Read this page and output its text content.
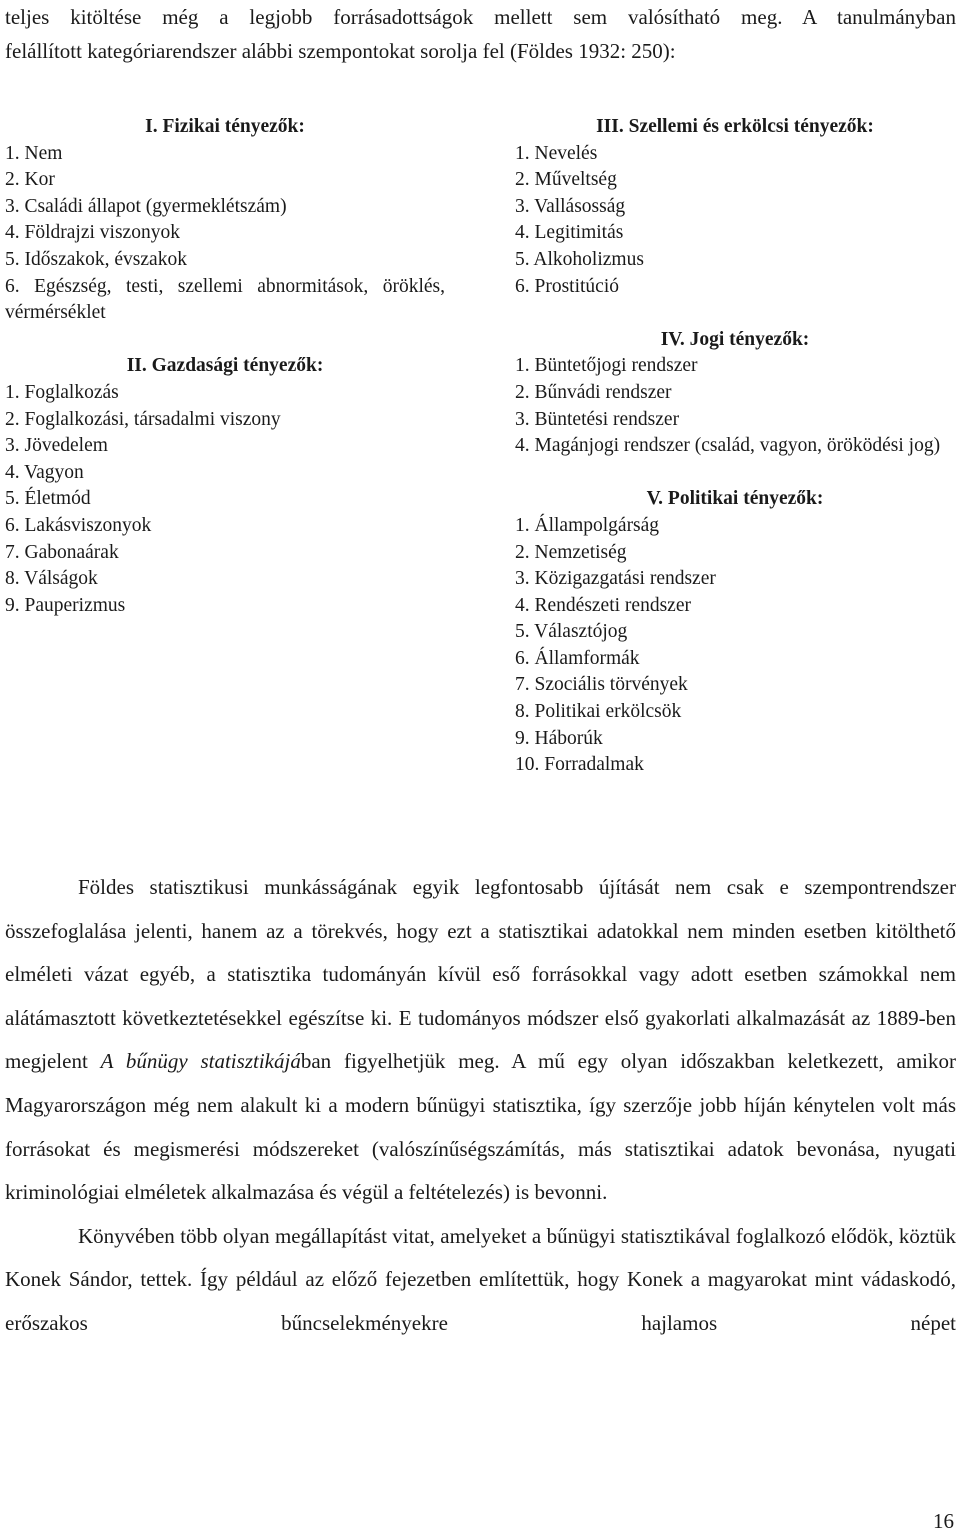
teljes kitöltése még a legjobb forrásadottságok mellett sem valósítható meg. A tanulmányban

felállított kategóriarendszer alábbi szempontokat sorolja fel (Földes 1932: 250):

I. Fizikai tényezők:
1. Nem
2. Kor
3. Családi állapot (gyermeklétszám)
4. Földrajzi viszonyok
5. Időszakok, évszakok
6. Egészség, testi, szellemi abnormitások, öröklés, vérmérséklet
II. Gazdasági tényezők:
1. Foglalkozás
2. Foglalkozási, társadalmi viszony
3. Jövedelem
4. Vagyon
5. Életmód
6. Lakásviszonyok
7. Gabonaárak
8. Válságok
9. Pauperizmus
III. Szellemi és erkölcsi tényezők:
1. Nevelés
2. Műveltség
3. Vallásosság
4. Legitimitás
5. Alkoholizmus
6. Prostitúció
IV. Jogi tényezők:
1. Büntetőjogi rendszer
2. Bűnvádi rendszer
3. Büntetési rendszer
4. Magánjogi rendszer (család, vagyon, öröködési jog)
V. Politikai tényezők:
1. Állampolgárság
2. Nemzetiség
3. Közigazgatási rendszer
4. Rendészeti rendszer
5. Választójog
6. Államformák
7. Szociális törvények
8. Politikai erkölcsök
9. Háborúk
10. Forradalmak

Földes statisztikusi munkásságának egyik legfontosabb újítását nem csak e szempontrendszer összefoglalása jelenti, hanem az a törekvés, hogy ezt a statisztikai adatokkal nem minden esetben kitölthető elméleti vázat egyéb, a statisztika tudományán kívül eső forrásokkal vagy adott esetben számokkal nem alátámasztott következtetésekkel egészítse ki. E tudományos módszer első gyakorlati alkalmazását az 1889-ben megjelent A bűnügy statisztikájában figyelhetjük meg. A mű egy olyan időszakban keletkezett, amikor Magyarországon még nem alakult ki a modern bűnügyi statisztika, így szerzője jobb híján kénytelen volt más forrásokat és megismerési módszereket (valószínűségszámítás, más statisztikai adatok bevonása, nyugati kriminológiai elméletek alkalmazása és végül a feltételezés) is bevonni.

Könyvében több olyan megállapítást vitat, amelyeket a bűnügyi statisztikával foglalkozó elődök, köztük Konek Sándor, tettek. Így például az előző fejezetben említettük, hogy Konek a magyarokat mint vádaskodó, erőszakos bűncselekményekre hajlamos népet

16
